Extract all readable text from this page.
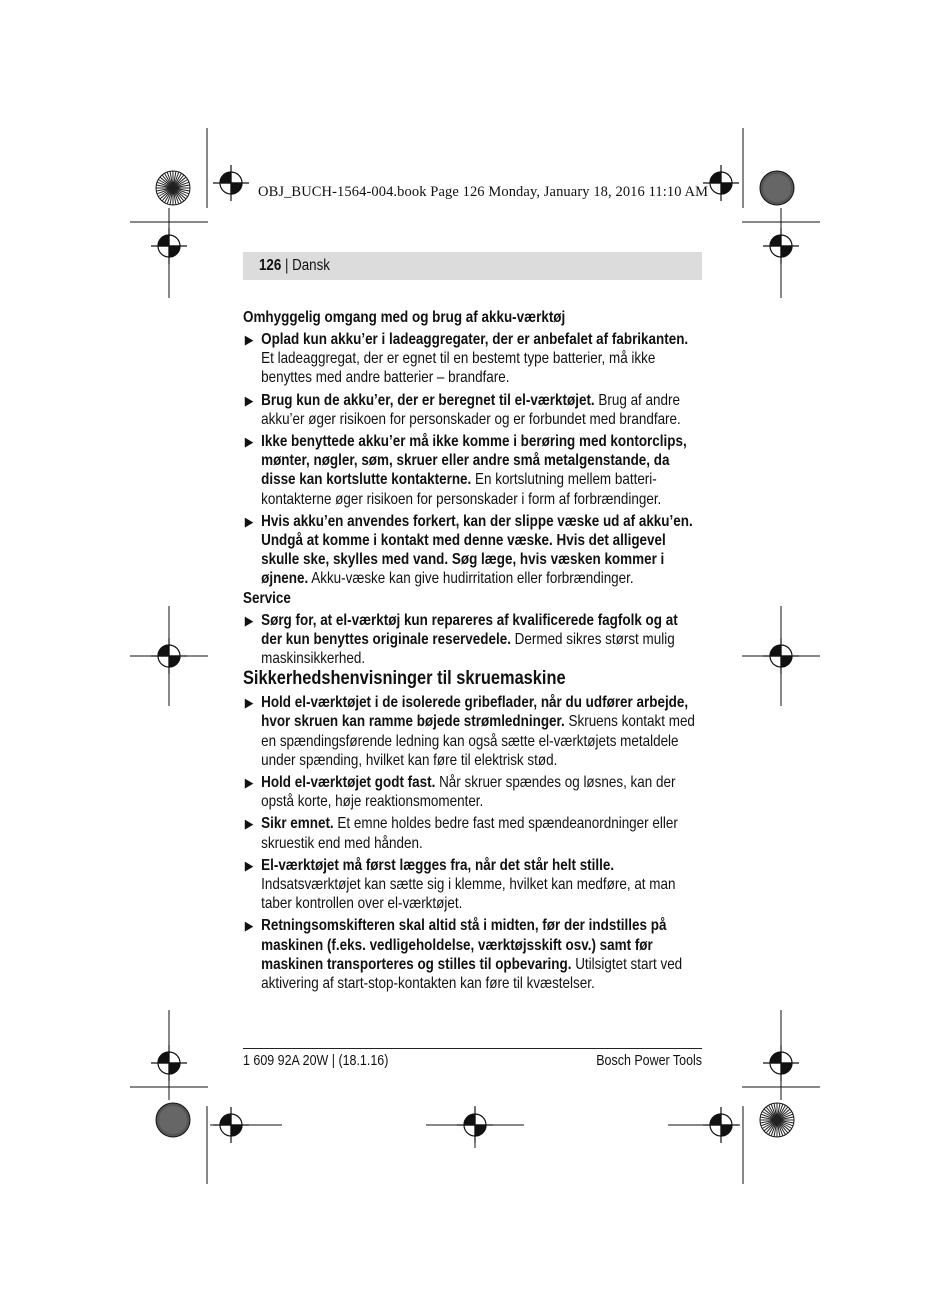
OBJ_BUCH-1564-004.book Page 126 Monday, January 18, 2016 11:10 AM
126 | Dansk
Omhyggelig omgang med og brug af akku-værktøj
▶ Oplad kun akku’er i ladeaggregater, der er anbefalet af fabrikanten. Et ladeaggregat, der er egnet til en bestemt type batterier, må ikke benyttes med andre batterier – brandfare.
▶ Brug kun de akku’er, der er beregnet til el-værktøjet. Brug af andre akku’er øger risikoen for personskader og er forbundet med brandfare.
▶ Ikke benyttede akku’er må ikke komme i berøring med kontorclips, mønter, nøgler, søm, skruer eller andre små metalgenstande, da disse kan kortslutte kontakterne. En kortslutning mellem batteri-kontakterne øger risikoen for personskader i form af forbrændinger.
▶ Hvis akku’en anvendes forkert, kan der slippe væske ud af akku’en. Undgå at komme i kontakt med denne væske. Hvis det alligevel skulle ske, skylles med vand. Søg læge, hvis væsken kommer i øjnene. Akku-væske kan give hudirritation eller forbrændinger.
Service
▶ Sørg for, at el-værktøj kun repareres af kvalificerede fagfolk og at der kun benyttes originale reservedele. Dermed sikres størst mulig maskinsikkerhed.
Sikkerhedshenvisninger til skruemaskine
▶ Hold el-værktøjet i de isolerede gribeflader, når du udfører arbejde, hvor skruen kan ramme bøjede strømledninger. Skruens kontakt med en spændingsførende ledning kan også sætte el-værktøjets metaldele under spænding, hvilket kan føre til elektrisk stød.
▶ Hold el-værktøjet godt fast. Når skruer spændes og løsnes, kan der opstå korte, høje reaktionsmomenter.
▶ Sikr emnet. Et emne holdes bedre fast med spændeanordninger eller skruestik end med hånden.
▶ El-værktøjet må først lægges fra, når det står helt stille. Indsatsværktøjet kan sætte sig i klemme, hvilket kan medføre, at man taber kontrollen over el-værktøjet.
▶ Retningsomskifteren skal altid stå i midten, før der indstilles på maskinen (f.eks. vedligeholdelse, værktøjsskift osv.) samt før maskinen transporteres og stilles til opbevaring. Utilsigtet start ved aktivering af start-stop-kontakten kan føre til kvæstelser.
1 609 92A 20W | (18.1.16)	Bosch Power Tools
